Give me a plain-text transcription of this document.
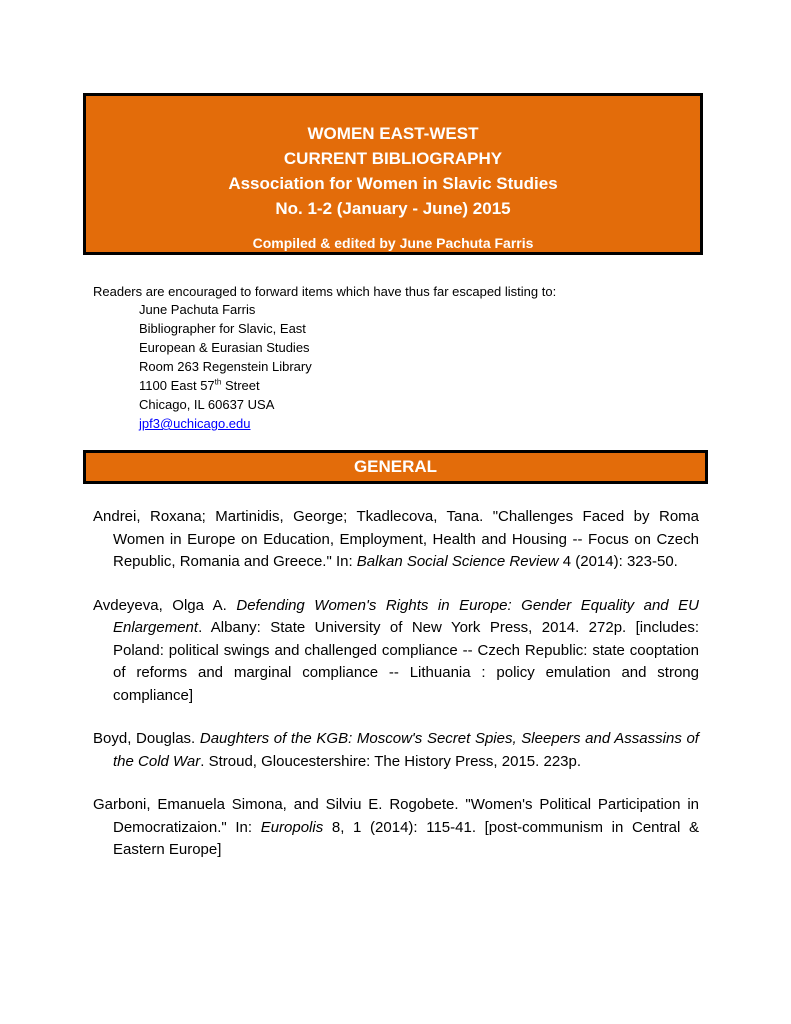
WOMEN EAST-WEST
CURRENT BIBLIOGRAPHY
Association for Women in Slavic Studies
No. 1-2 (January - June) 2015
Compiled & edited by June Pachuta Farris
Readers are encouraged to forward items which have thus far escaped listing to:
June Pachuta Farris
Bibliographer for Slavic, East
European & Eurasian Studies
Room 263 Regenstein Library
1100 East 57th Street
Chicago, IL 60637 USA
jpf3@uchicago.edu
GENERAL

Andrei, Roxana; Martinidis, George; Tkadlecova, Tana. "Challenges Faced by Roma Women in Europe on Education, Employment, Health and Housing -- Focus on Czech Republic, Romania and Greece." In: Balkan Social Science Review 4 (2014): 323-50.

Avdeyeva, Olga A. Defending Women's Rights in Europe: Gender Equality and EU Enlargement. Albany: State University of New York Press, 2014. 272p. [includes: Poland: political swings and challenged compliance -- Czech Republic: state cooptation of reforms and marginal compliance -- Lithuania : policy emulation and strong compliance]

Boyd, Douglas. Daughters of the KGB: Moscow's Secret Spies, Sleepers and Assassins of the Cold War. Stroud, Gloucestershire: The History Press, 2015. 223p.

Garboni, Emanuela Simona, and Silviu E. Rogobete. "Women's Political Participation in Democratizaion." In: Europolis 8, 1 (2014): 115-41. [post-communism in Central & Eastern Europe]
